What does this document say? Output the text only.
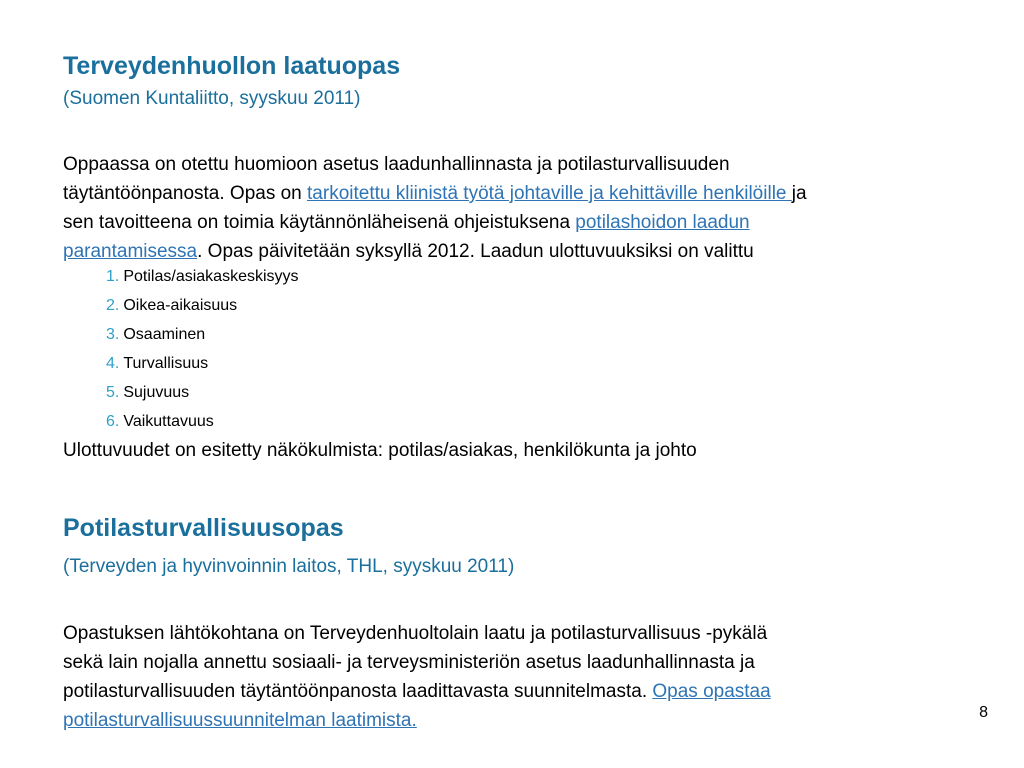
Terveydenhuollon laatuopas
(Suomen Kuntaliitto, syyskuu 2011)
Oppaassa on otettu huomioon asetus laadunhallinnasta ja potilasturvallisuuden
täytäntöönpanosta. Opas on tarkoitettu kliinistä työtä johtaville ja kehittäville henkilöille ja
sen tavoitteena on toimia käytännönläheisenä ohjeistuksena potilashoidon laadun
parantamisessa. Opas päivitetään syksyllä 2012. Laadun ulottuvuuksiksi on valittu
1. Potilas/asiakaskeskisyys
2. Oikea-aikaisuus
3. Osaaminen
4. Turvallisuus
5. Sujuvuus
6. Vaikuttavuus
Ulottuvuudet on esitetty näkökulmista: potilas/asiakas, henkilökunta ja johto
Potilasturvallisuusopas
(Terveyden ja hyvinvoinnin laitos, THL, syyskuu 2011)
Opastuksen lähtökohtana on Terveydenhuoltolain laatu ja potilasturvallisuus -pykälä
sekä lain nojalla annettu sosiaali- ja terveysministeriön asetus laadunhallinnasta ja
potilasturvallisuuden täytäntöönpanosta laadittavasta suunnitelmasta. Opas opastaa
potilasturvallisuussuunnitelman laatimista.	8
